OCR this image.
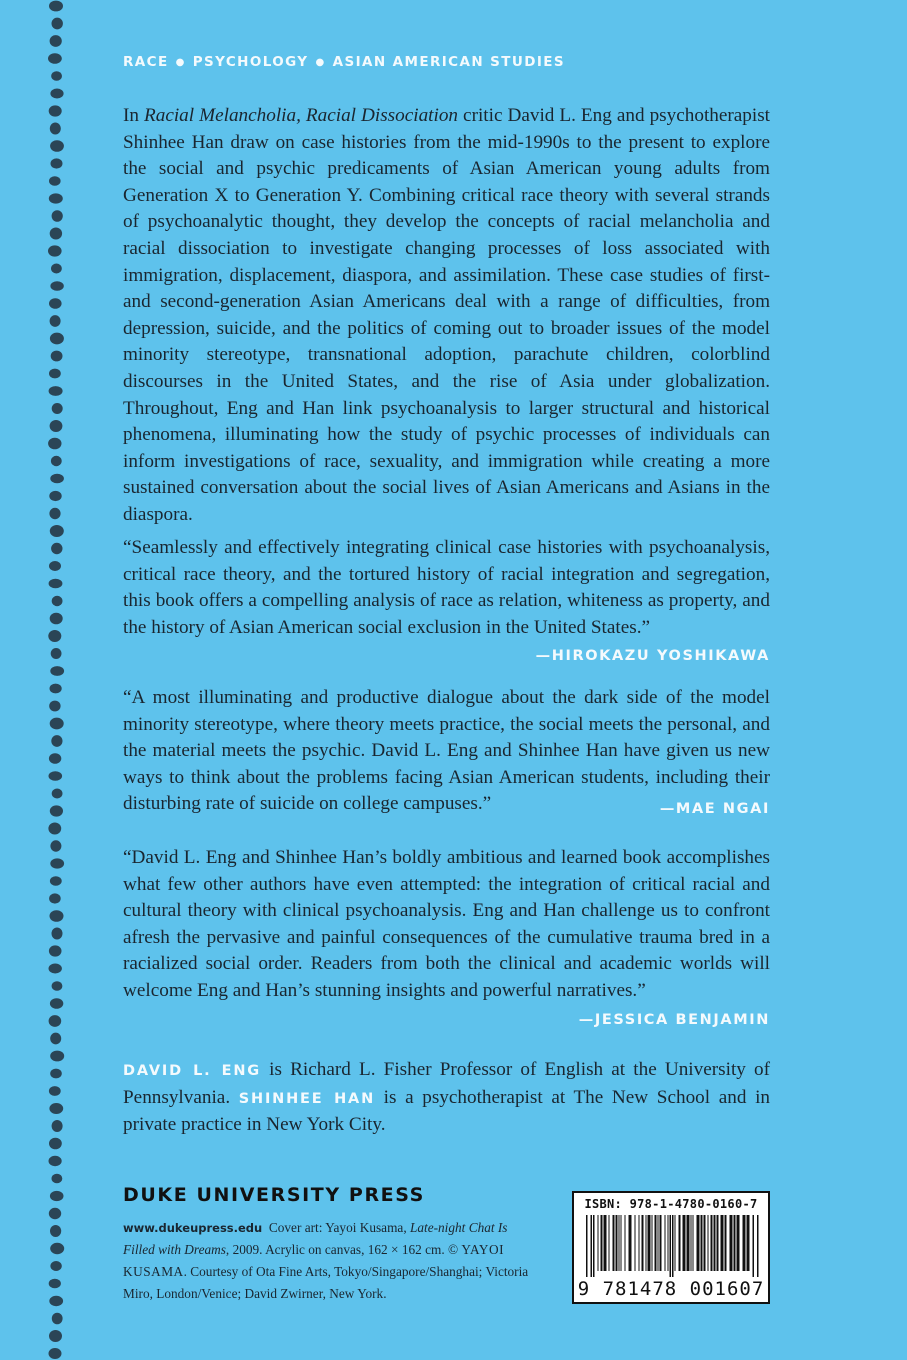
RACE ● PSYCHOLOGY ● ASIAN AMERICAN STUDIES

In Racial Melancholia, Racial Dissociation critic David L. Eng and psychotherapist Shinhee Han draw on case histories from the mid-1990s to the present to explore the social and psychic predicaments of Asian American young adults from Generation X to Generation Y. Combining critical race theory with several strands of psychoanalytic thought, they develop the concepts of racial melancholia and racial dissociation to investigate changing processes of loss associated with immigration, displacement, diaspora, and assimilation. These case studies of first- and second-generation Asian Americans deal with a range of difficulties, from depression, suicide, and the politics of coming out to broader issues of the model minority stereotype, transnational adoption, parachute children, colorblind discourses in the United States, and the rise of Asia under globalization. Throughout, Eng and Han link psychoanalysis to larger structural and historical phenomena, illuminating how the study of psychic processes of individuals can inform investigations of race, sexuality, and immigration while creating a more sustained conversation about the social lives of Asian Americans and Asians in the diaspora.

“Seamlessly and effectively integrating clinical case histories with psychoanalysis, critical race theory, and the tortured history of racial integration and segregation, this book offers a compelling analysis of race as relation, whiteness as property, and the history of Asian American social exclusion in the United States.”

—HIROKAZU YOSHIKAWA

“A most illuminating and productive dialogue about the dark side of the model minority stereotype, where theory meets practice, the social meets the personal, and the material meets the psychic. David L. Eng and Shinhee Han have given us new ways to think about the problems facing Asian American students, including their disturbing rate of suicide on college campuses.”	—MAE NGAI

“David L. Eng and Shinhee Han’s boldly ambitious and learned book accomplishes what few other authors have even attempted: the integration of critical racial and cultural theory with clinical psychoanalysis. Eng and Han challenge us to confront afresh the pervasive and painful consequences of the cumulative trauma bred in a racialized social order. Readers from both the clinical and academic worlds will welcome Eng and Han’s stunning insights and powerful narratives.”

—JESSICA BENJAMIN
DAVID L. ENG is Richard L. Fisher Professor of English at the University of Pennsylvania. SHINHEE HAN is a psychotherapist at The New School and in private practice in New York City.
DUKE UNIVERSITY PRESS
www.dukeupress.edu Cover art: Yayoi Kusama, Late-night Chat Is Filled with Dreams, 2009. Acrylic on canvas, 162 × 162 cm. © YAYOI KUSAMA. Courtesy of Ota Fine Arts, Tokyo/Singapore/Shanghai; Victoria Miro, London/Venice; David Zwirner, New York.
ISBN: 978-1-4780-0160-7
9 781478 001607
